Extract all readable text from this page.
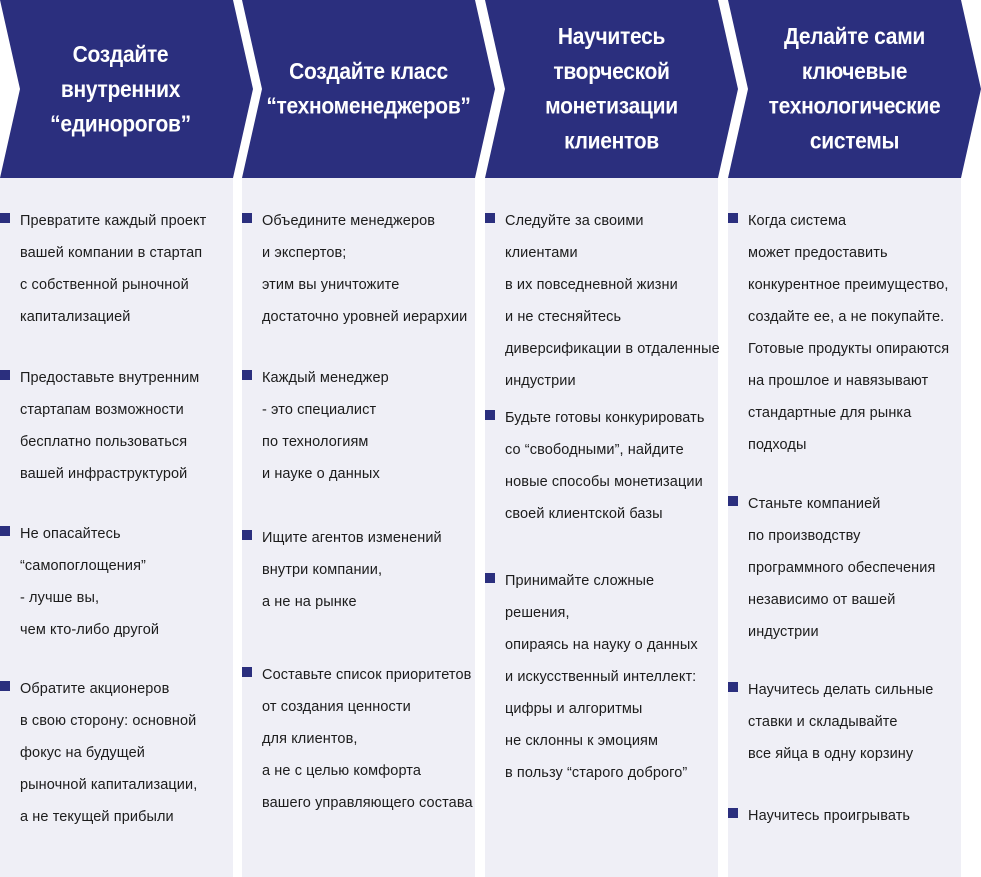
Создайте
внутренних
“единорогов”
Превратите каждый проект
вашей компании в стартап
с собственной рыночной
капитализацией
Предоставьте внутренним
стартапам возможности
бесплатно пользоваться
вашей инфраструктурой
Не опасайтесь
“самопоглощения”
- лучше вы,
чем кто-либо другой
Обратите акционеров
в свою сторону: основной
фокус на будущей
рыночной капитализации,
а не текущей прибыли
Создайте класс
“техноменеджеров”
Объедините менеджеров
и экспертов;
этим вы уничтожите
достаточно уровней иерархии
Каждый менеджер
- это специалист
по технологиям
и науке о данных
Ищите агентов изменений
внутри компании,
а не на рынке
Составьте список приоритетов
от создания ценности
для клиентов,
а не с целью комфорта
вашего управляющего состава
Научитесь
творческой
монетизации
клиентов
Следуйте за своими клиентами
в их повседневной жизни
и не стесняйтесь
диверсификации в отдаленные
индустрии
Будьте готовы конкурировать
со “свободными”, найдите
новые способы монетизации
своей клиентской базы
Принимайте сложные решения,
опираясь на науку о данных
и искусственный интеллект:
цифры и алгоритмы
не склонны к эмоциям
в пользу “старого доброго”
Делайте сами
ключевые
технологические
системы
Когда система
может предоставить
конкурентное преимущество,
создайте ее, а не покупайте.
Готовые продукты опираются
на прошлое и навязывают
стандартные для рынка
подходы
Станьте компанией
по производству
программного обеспечения
независимо от вашей
индустрии
Научитесь делать сильные
ставки и складывайте
все яйца в одну корзину
Научитесь проигрывать
